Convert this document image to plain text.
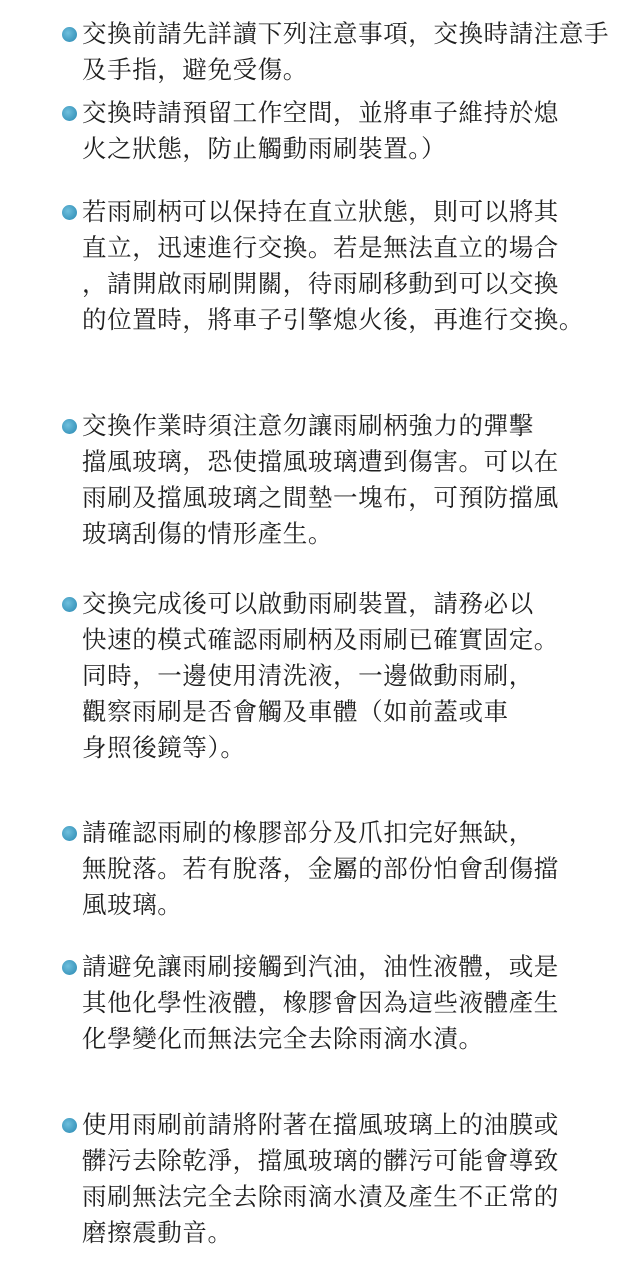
交換前請先詳讀下列注意事項，交換時請注意手
及手指，避免受傷。
交換時請預留工作空間，並將車子維持於熄
火之狀態，防止觸動雨刷裝置。）
若雨刷柄可以保持在直立狀態，則可以將其
直立，迅速進行交換。若是無法直立的場合
，請開啟雨刷開關，待雨刷移動到可以交換
的位置時，將車子引擎熄火後，再進行交換。
交換作業時須注意勿讓雨刷柄強力的彈擊
擋風玻璃，恐使擋風玻璃遭到傷害。可以在
雨刷及擋風玻璃之間墊一塊布，可預防擋風
玻璃刮傷的情形產生。
交換完成後可以啟動雨刷裝置，請務必以
快速的模式確認雨刷柄及雨刷已確實固定。
同時，一邊使用清洗液，一邊做動雨刷，
觀察雨刷是否會觸及車體（如前蓋或車
身照後鏡等）。
請確認雨刷的橡膠部分及爪扣完好無缺，
無脫落。若有脫落，金屬的部份怕會刮傷擋
風玻璃。
請避免讓雨刷接觸到汽油，油性液體，或是
其他化學性液體，橡膠會因為這些液體產生
化學變化而無法完全去除雨滴水漬。
使用雨刷前請將附著在擋風玻璃上的油膜或
髒污去除乾淨，擋風玻璃的髒污可能會導致
雨刷無法完全去除雨滴水漬及產生不正常的
磨擦震動音。
